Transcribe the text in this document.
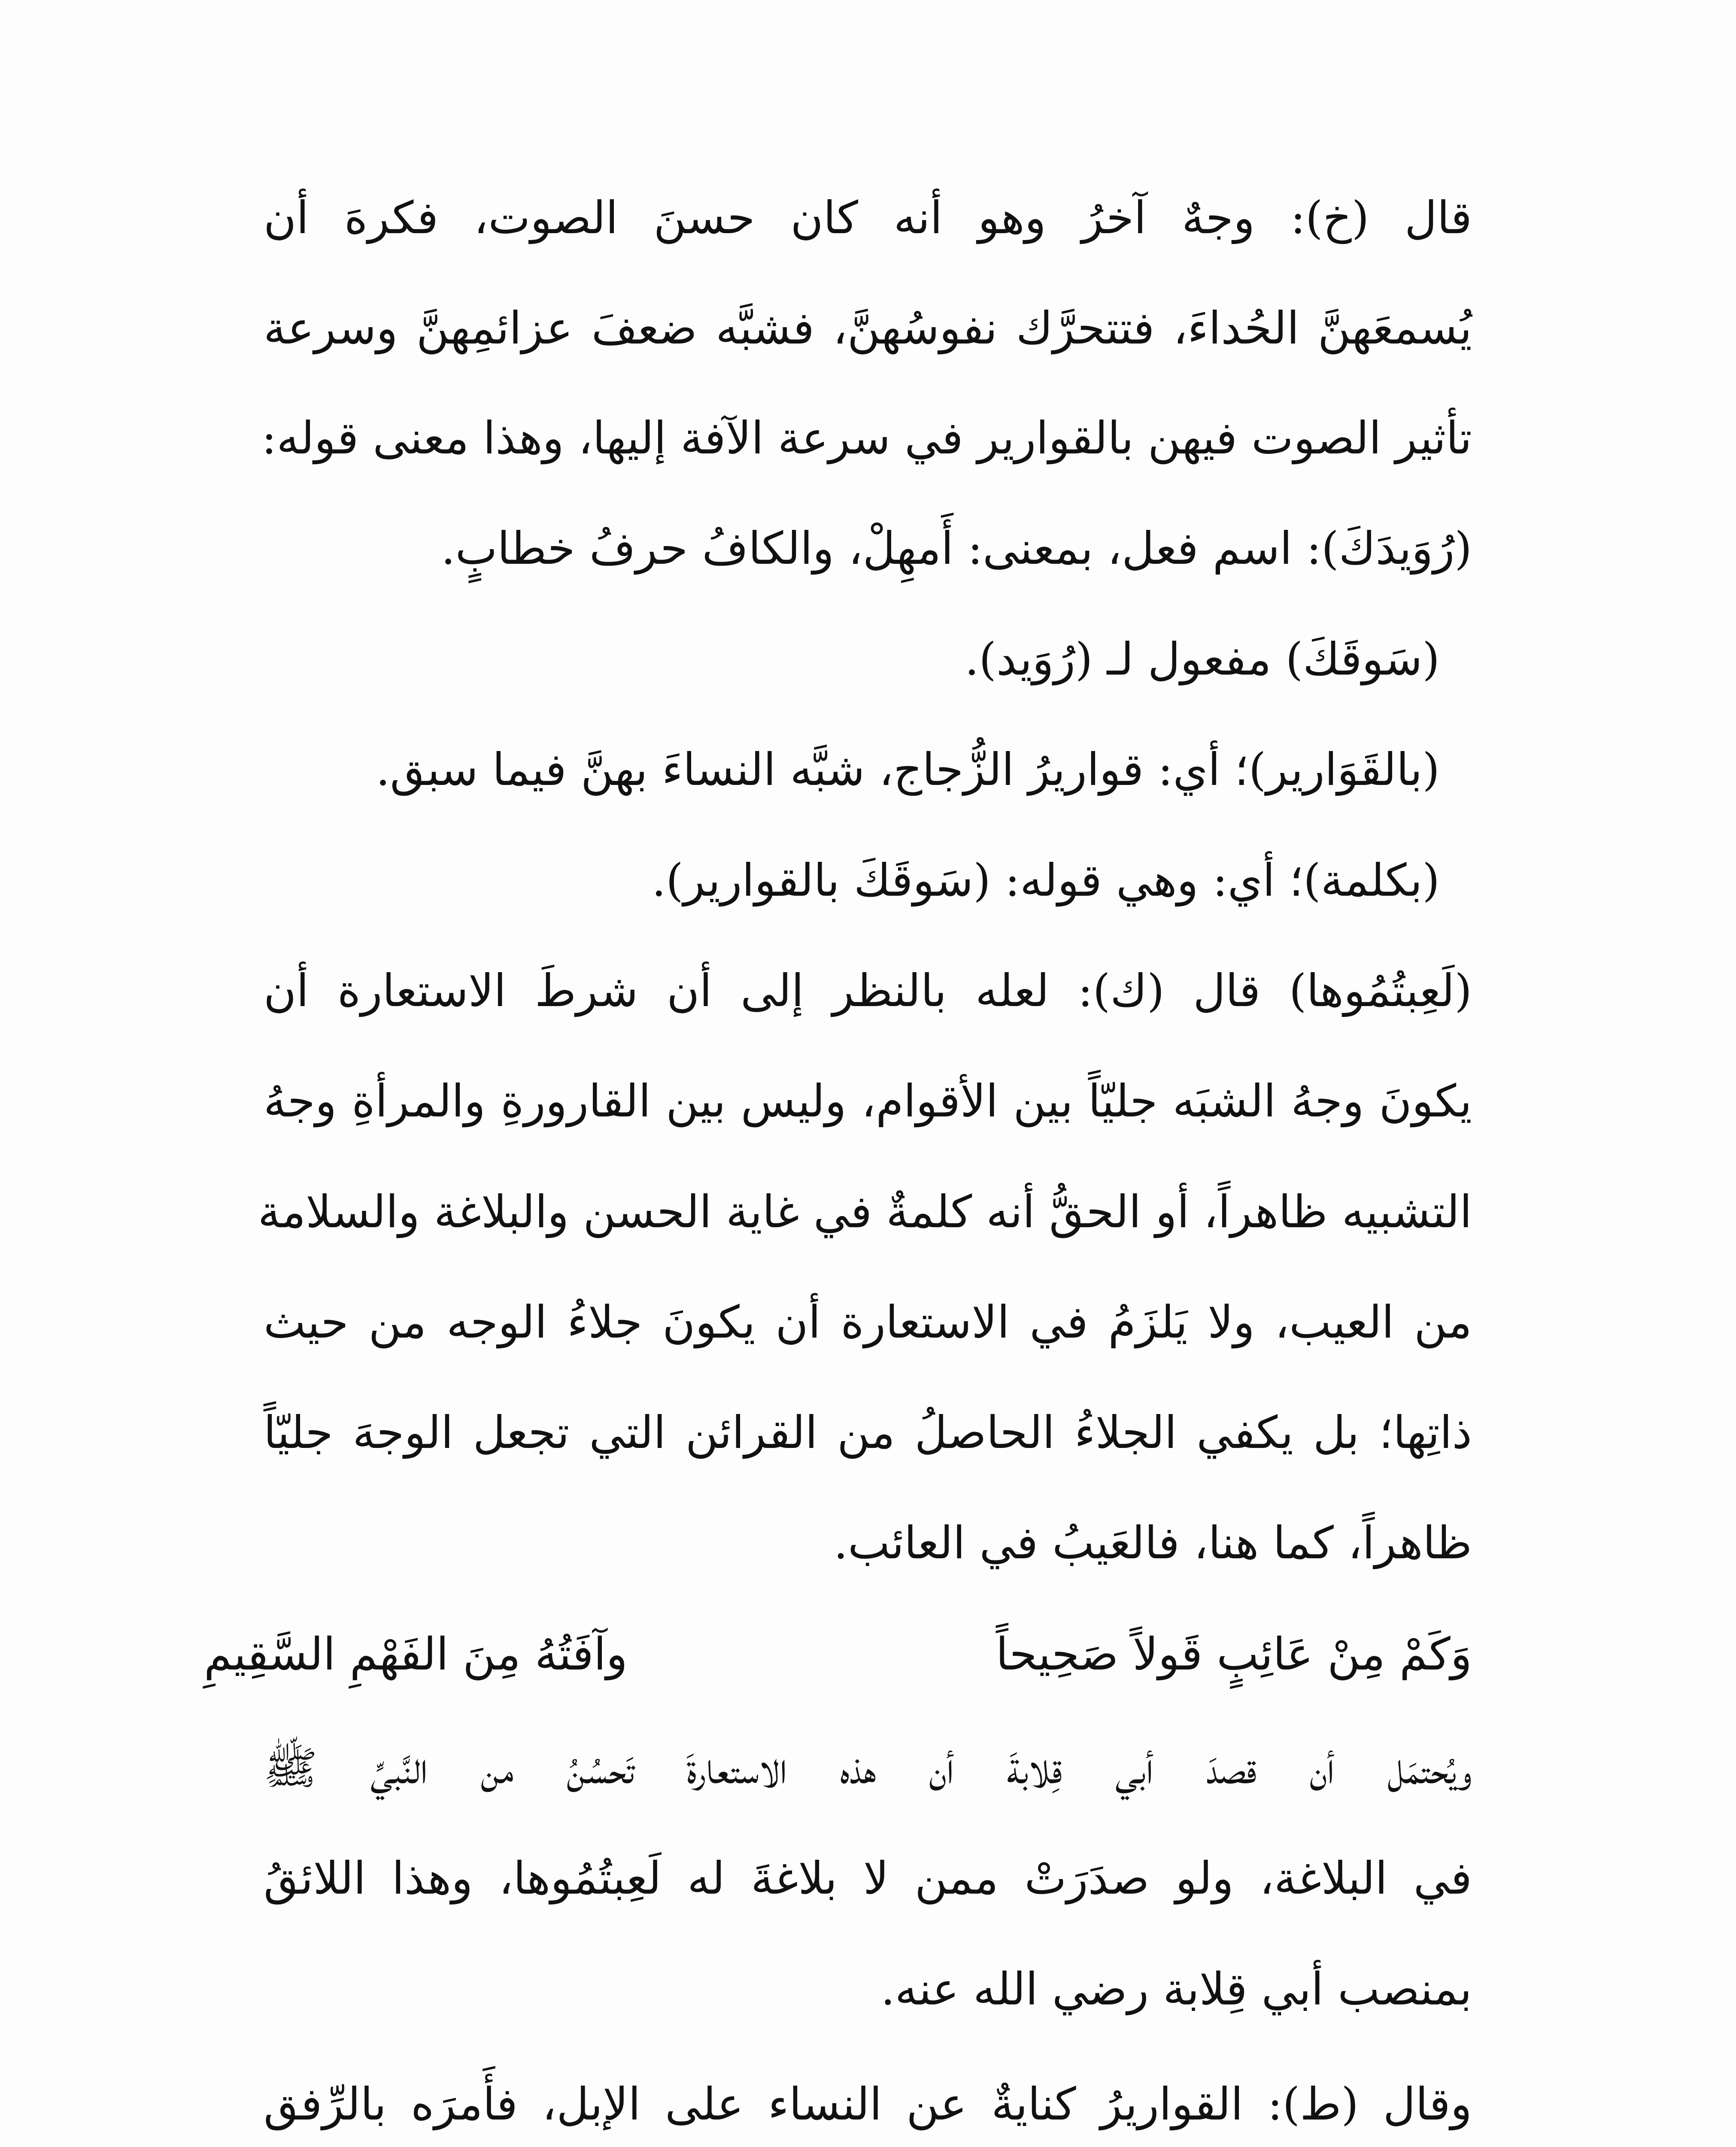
قال (خ): وجهٌ آخرُ وهو أنه كان حسنَ الصوت، فكرهَ أن
يُسمعَهنَّ الحُداءَ، فتتحرَّك نفوسُهنَّ، فشبَّه ضعفَ عزائمِهنَّ وسرعة
تأثير الصوت فيهن بالقوارير في سرعة الآفة إليها، وهذا معنى قوله:
(رُوَيدَكَ): اسم فعل، بمعنى: أَمهِلْ، والكافُ حرفُ خطابٍ.
(سَوقَكَ) مفعول لـ (رُوَيد).
(بالقَوَارير)؛ أي: قواريرُ الزُّجاج، شبَّه النساءَ بهنَّ فيما سبق.
(بكلمة)؛ أي: وهي قوله: (سَوقَكَ بالقوارير).
(لَعِبتُمُوها) قال (ك): لعله بالنظر إلى أن شرطَ الاستعارة أن
يكونَ وجهُ الشبَه جليّاً بين الأقوام، وليس بين القارورةِ والمرأةِ وجهُ
التشبيه ظاهراً، أو الحقُّ أنه كلمةٌ في غاية الحسن والبلاغة والسلامة
من العيب، ولا يَلزَمُ في الاستعارة أن يكونَ جلاءُ الوجه من حيث
ذاتِها؛ بل يكفي الجلاءُ الحاصلُ من القرائن التي تجعل الوجهَ جليّاً
ظاهراً، كما هنا، فالعَيبُ في العائب.
وَكَمْ مِنْ عَائِبٍ قَولاً صَحِيحاً
وآفَتُهُ مِنَ الفَهْمِ السَّقِيمِ
ويُحتمَل أن قصدَ أبي قِلابةَ أن هذه الاستعارةَ تَحسُنُ من النَّبيِّ ﷺ
في البلاغة، ولو صدَرَتْ ممن لا بلاغةَ له لَعِبتُمُوها، وهذا اللائقُ
بمنصب أبي قِلابة رضي الله عنه.
وقال (ط): القواريرُ كنايةٌ عن النساء على الإبل، فأَمرَه بالرِّفق
